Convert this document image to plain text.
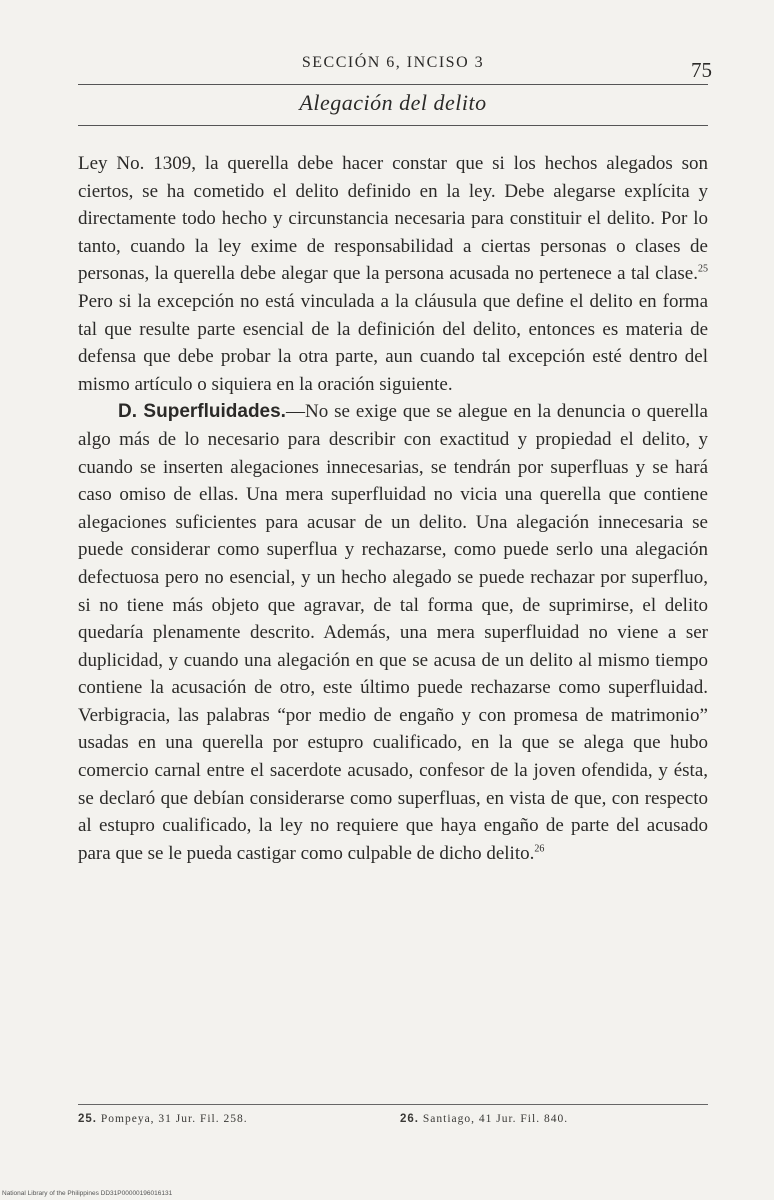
SECCIÓN 6, INCISO 3	75
Alegación del delito

Ley No. 1309, la querella debe hacer constar que si los hechos alegados son ciertos, se ha cometido el delito definido en la ley. Debe alegarse explícita y directamente todo hecho y circunstancia necesaria para constituir el delito. Por lo tanto, cuando la ley exime de responsabilidad a ciertas personas o clases de personas, la querella debe alegar que la persona acusada no pertenece a tal clase.$^{25}$ Pero si la excepción no está vinculada a la cláusula que define el delito en forma tal que resulte parte esencial de la definición del delito, entonces es materia de defensa que debe probar la otra parte, aun cuando tal excepción esté dentro del mismo artículo o siquiera en la oración siguiente.

D. Superfluidades.—No se exige que se alegue en la denuncia o querella algo más de lo necesario para describir con exactitud y propiedad el delito, y cuando se inserten alegaciones innecesarias, se tendrán por superfluas y se hará caso omiso de ellas. Una mera superfluidad no vicia una querella que contiene alegaciones suficientes para acusar de un delito. Una alegación innecesaria se puede considerar como superflua y rechazarse, como puede serlo una alegación defectuosa pero no esencial, y un hecho alegado se puede rechazar por superfluo, si no tiene más objeto que agravar, de tal forma que, de suprimirse, el delito quedaría plenamente descrito. Además, una mera superfluidad no viene a ser duplicidad, y cuando una alegación en que se acusa de un delito al mismo tiempo contiene la acusación de otro, este último puede rechazarse como superfluidad. Verbigracia, las palabras “por medio de engaño y con promesa de matrimonio” usadas en una querella por estupro cualificado, en la que se alega que hubo comercio carnal entre el sacerdote acusado, confesor de la joven ofendida, y ésta, se declaró que debían considerarse como superfluas, en vista de que, con respecto al estupro cualificado, la ley no requiere que haya engaño de parte del acusado para que se le pueda castigar como culpable de dicho delito.$^{26}$

25. Pompeya, 31 Jur. Fil. 258.	26. Santiago, 41 Jur. Fil. 840.
National Library of the Philippines DD31P00000196016131
